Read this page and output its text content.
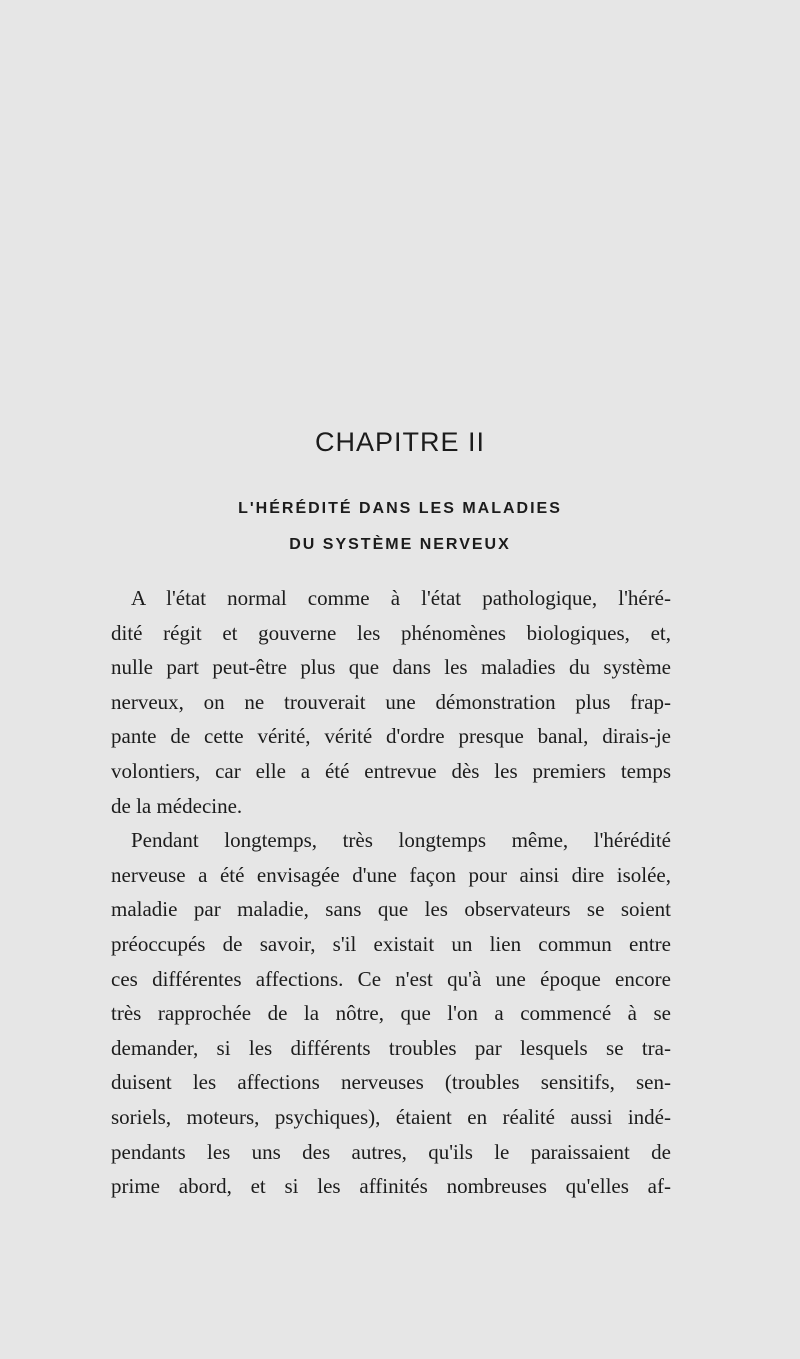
CHAPITRE II
L'HÉRÉDITÉ DANS LES MALADIES
DU SYSTÈME NERVEUX
A l'état normal comme à l'état pathologique, l'héré-
dité régit et gouverne les phénomènes biologiques, et,
nulle part peut-être plus que dans les maladies du système
nerveux, on ne trouverait une démonstration plus frap-
pante de cette vérité, vérité d'ordre presque banal, dirais-je
volontiers, car elle a été entrevue dès les premiers temps
de la médecine.
Pendant longtemps, très longtemps même, l'hérédité
nerveuse a été envisagée d'une façon pour ainsi dire isolée,
maladie par maladie, sans que les observateurs se soient
préoccupés de savoir, s'il existait un lien commun entre
ces différentes affections. Ce n'est qu'à une époque encore
très rapprochée de la nôtre, que l'on a commencé à se
demander, si les différents troubles par lesquels se tra-
duisent les affections nerveuses (troubles sensitifs, sen-
soriels, moteurs, psychiques), étaient en réalité aussi indé-
pendants les uns des autres, qu'ils le paraissaient de
prime abord, et si les affinités nombreuses qu'elles af-
